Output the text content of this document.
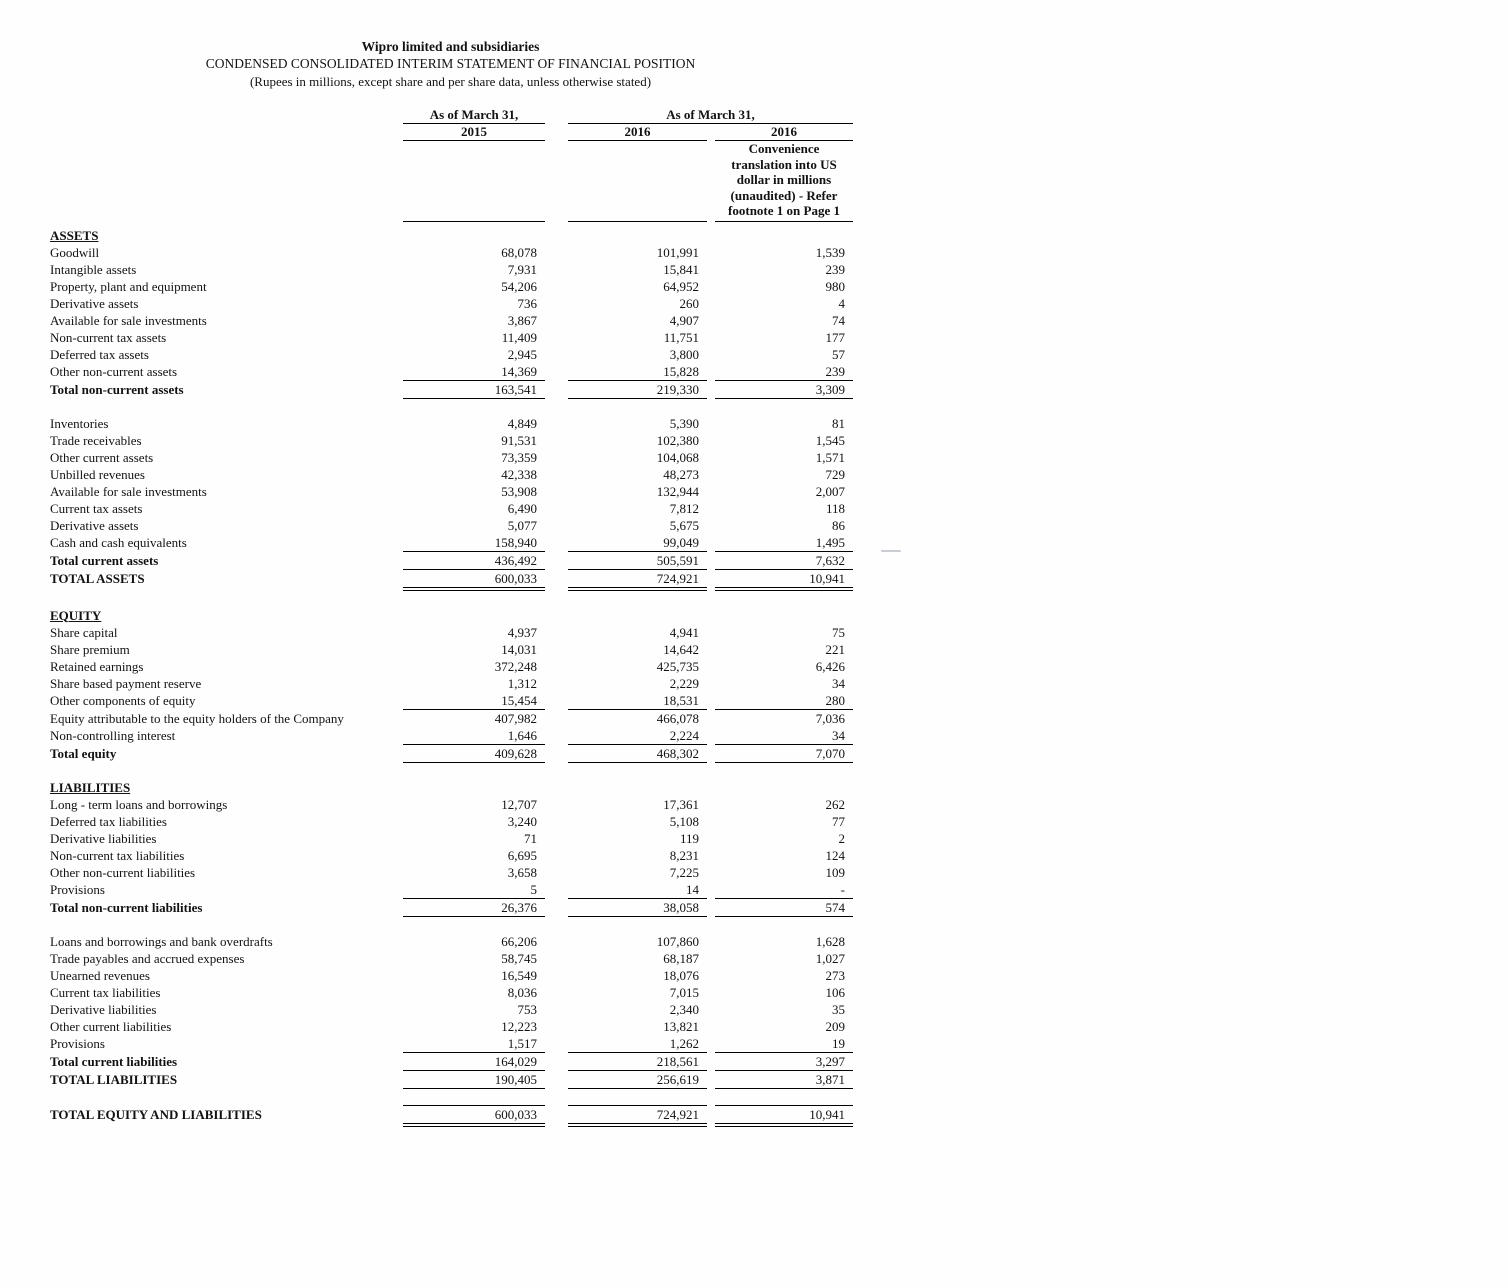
Wipro limited and subsidiaries
CONDENSED CONSOLIDATED INTERIM STATEMENT OF FINANCIAL POSITION
(Rupees in millions, except share and per share data, unless otherwise stated)
As of March 31,	As of March 31,
2015	2016	2016
Convenience
translation into US
dollar in millions
(unaudited) - Refer
footnote 1 on Page 1
ASSETS
Goodwill	68,078	101,991	1,539
Intangible assets	7,931	15,841	239
Property, plant and equipment	54,206	64,952	980
Derivative assets	736	260	4
Available for sale investments	3,867	4,907	74
Non-current tax assets	11,409	11,751	177
Deferred tax assets	2,945	3,800	57
Other non-current assets	14,369	15,828	239
Total non-current assets	163,541	219,330	3,309
Inventories	4,849	5,390	81
Trade receivables	91,531	102,380	1,545
Other current assets	73,359	104,068	1,571
Unbilled revenues	42,338	48,273	729
Available for sale investments	53,908	132,944	2,007
Current tax assets	6,490	7,812	118
Derivative assets	5,077	5,675	86
Cash and cash equivalents	158,940	99,049	1,495
Total current assets	436,492	505,591	7,632
TOTAL ASSETS	600,033	724,921	10,941
EQUITY
Share capital	4,937	4,941	75
Share premium	14,031	14,642	221
Retained earnings	372,248	425,735	6,426
Share based payment reserve	1,312	2,229	34
Other components of equity	15,454	18,531	280
Equity attributable to the equity holders of the Company	407,982	466,078	7,036
Non-controlling interest	1,646	2,224	34
Total equity	409,628	468,302	7,070
LIABILITIES
Long - term loans and borrowings	12,707	17,361	262
Deferred tax liabilities	3,240	5,108	77
Derivative liabilities	71	119	2
Non-current tax liabilities	6,695	8,231	124
Other non-current liabilities	3,658	7,225	109
Provisions	5	14	-
Total non-current liabilities	26,376	38,058	574
Loans and borrowings and bank overdrafts	66,206	107,860	1,628
Trade payables and accrued expenses	58,745	68,187	1,027
Unearned revenues	16,549	18,076	273
Current tax liabilities	8,036	7,015	106
Derivative liabilities	753	2,340	35
Other current liabilities	12,223	13,821	209
Provisions	1,517	1,262	19
Total current liabilities	164,029	218,561	3,297
TOTAL LIABILITIES	190,405	256,619	3,871
TOTAL EQUITY AND LIABILITIES	600,033	724,921	10,941
